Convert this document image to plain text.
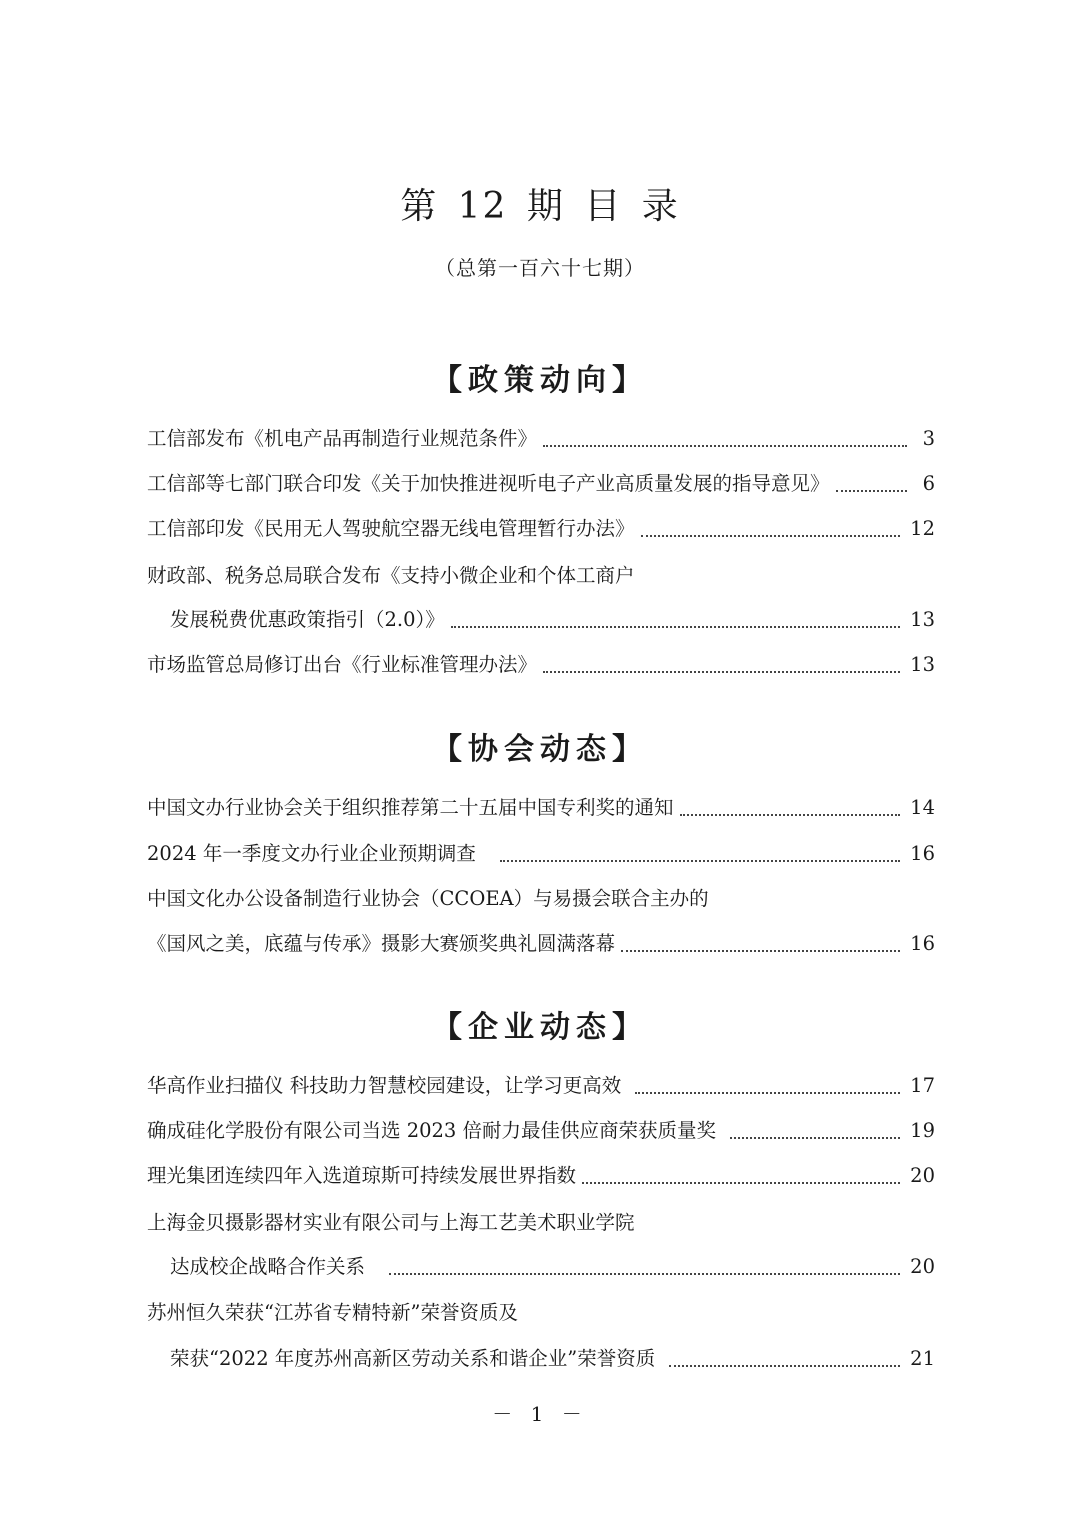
第 12 期 目 录
（总第一百六十七期）
【政策动向】
工信部发布《机电产品再制造行业规范条件》	3
工信部等七部门联合印发《关于加快推进视听电子产业高质量发展的指导意见》	6
工信部印发《民用无人驾驶航空器无线电管理暂行办法》	12
财政部、税务总局联合发布《支持小微企业和个体工商户
发展税费优惠政策指引（2.0）》	13
市场监管总局修订出台《行业标准管理办法》	13
【协会动态】
中国文办行业协会关于组织推荐第二十五届中国专利奖的通知	14
2024 年一季度文办行业企业预期调查	16
中国文化办公设备制造行业协会（CCOEA）与易摄会联合主办的
《国风之美，底蕴与传承》摄影大赛颁奖典礼圆满落幕	16
【企业动态】
华高作业扫描仪 科技助力智慧校园建设，让学习更高效	17
确成硅化学股份有限公司当选 2023 倍耐力最佳供应商荣获质量奖	19
理光集团连续四年入选道琼斯可持续发展世界指数	20
上海金贝摄影器材实业有限公司与上海工艺美术职业学院
达成校企战略合作关系	20
苏州恒久荣获“江苏省专精特新”荣誉资质及
荣获“2022 年度苏州高新区劳动关系和谐企业”荣誉资质	21
－ 1 －
